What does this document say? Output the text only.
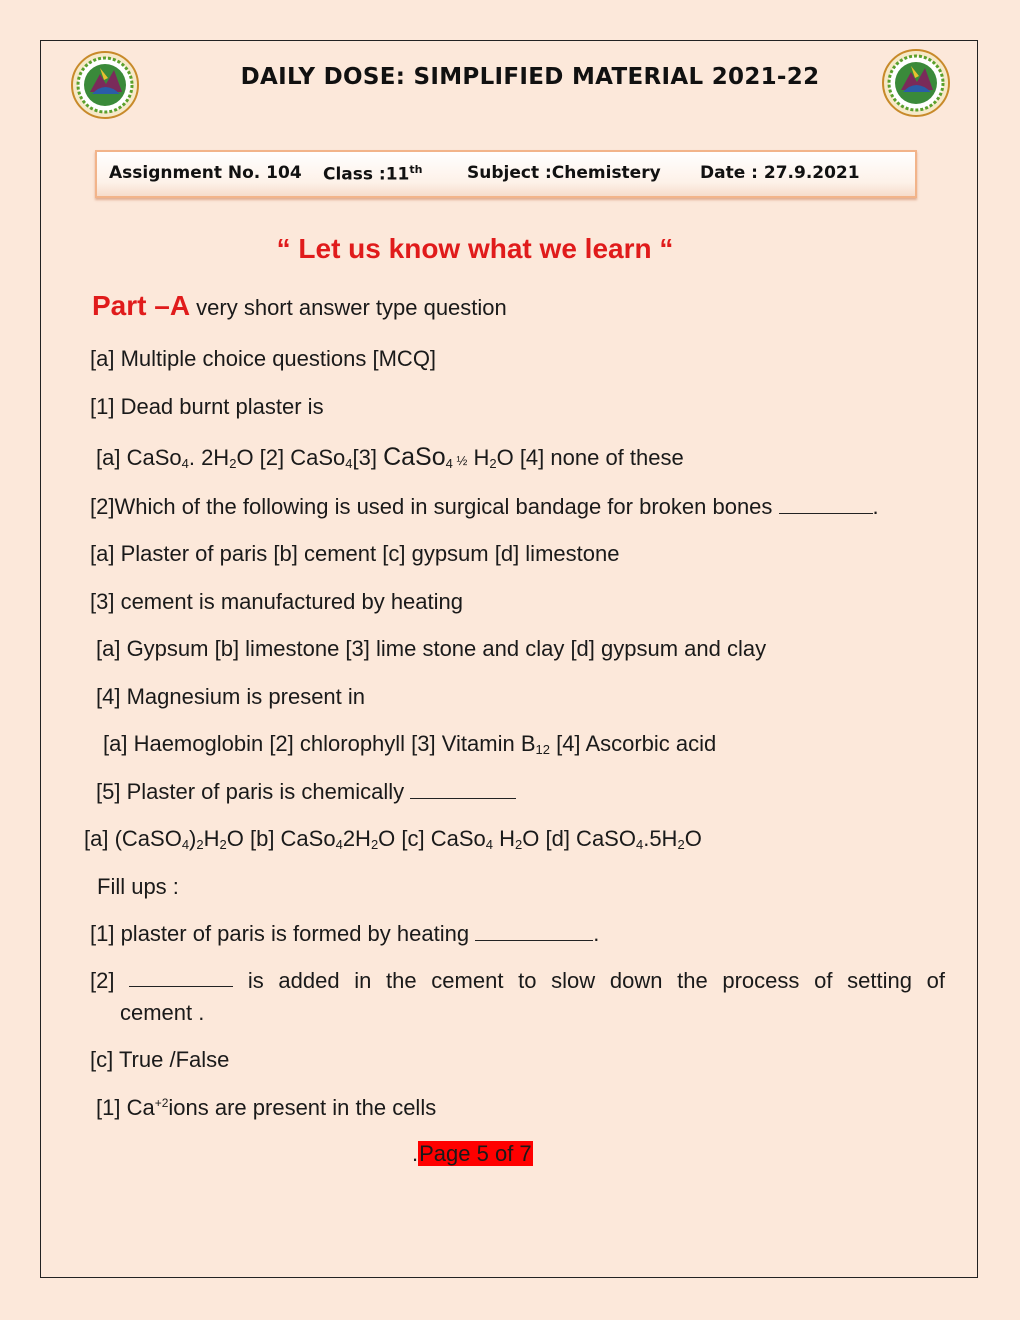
DAILY DOSE: SIMPLIFIED MATERIAL 2021-22
Assignment No. 104 Class :11th	Subject :Chemistery Date : 27.9.2021
“ Let us know what we learn “
Part –A very short answer type question
[a] Multiple choice questions [MCQ]
[1] Dead burnt plaster is
[a] CaSo$_4$. $2H_2O$ [2] CaSo$_4$[3] CaSo$_4$ ½ $H_2O$ [4] none of these
[2]Which of the following is used in surgical bandage for broken bones	.
[a] Plaster of paris [b] cement [c] gypsum [d] limestone
[3] cement is manufactured by heating
[a] Gypsum [b] limestone [3] lime stone and clay [d] gypsum and clay
[4] Magnesium is present in
[a] Haemoglobin [2] chlorophyll [3] Vitamin $B_{12}$ [4] Ascorbic acid
[5] Plaster of paris is chemically
[a] $(CaSO_4)_2H_2O$ [b] $CaSo_42H_2O$ [c] CaSo$_4$ $H_2O$ [d] $CaSO_4.5H_2O$
Fill ups :
[1] plaster of paris is formed by heating	.
[2]	is added in the cement to slow down the process of setting of
cement .
[c] True /False
[1] $Ca^{+2}ions$ are present in the cells
.Page 5 of 7
